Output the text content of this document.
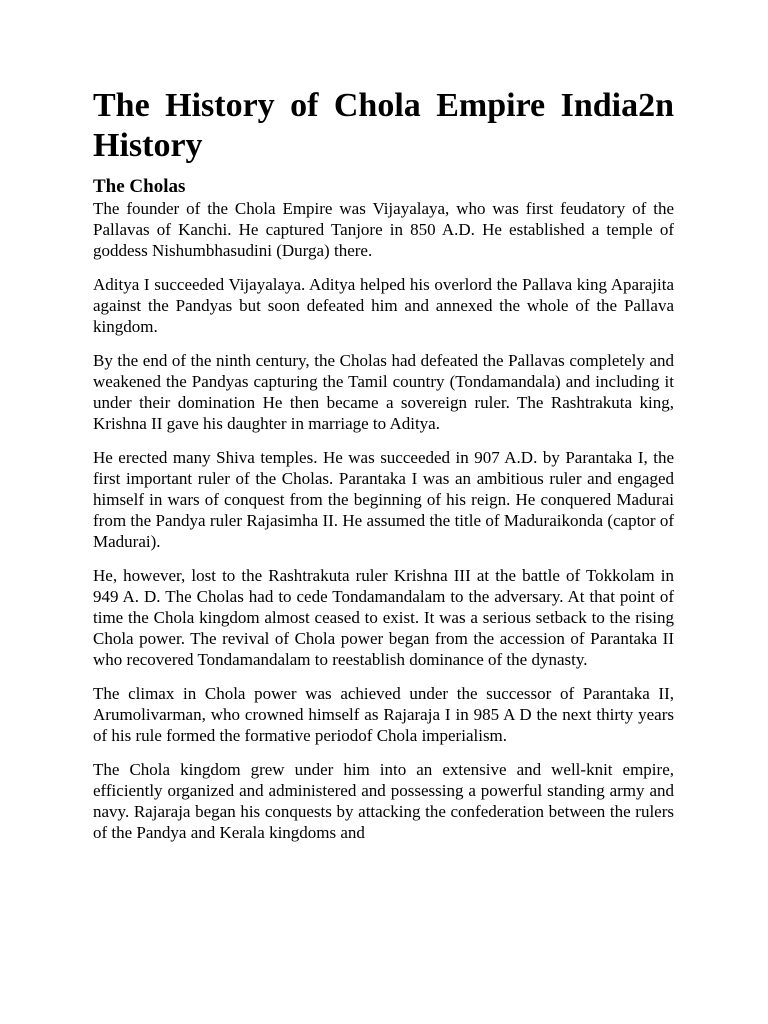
The History of Chola Empire India2n History
The Cholas

The founder of the Chola Empire was Vijayalaya, who was first feudatory of the Pallavas of Kanchi. He captured Tanjore in 850 A.D. He established a temple of goddess Nishumbhasudini (Durga) there.

Aditya I succeeded Vijayalaya. Aditya helped his overlord the Pallava king Aparajita against the Pandyas but soon defeated him and annexed the whole of the Pallava kingdom.

By the end of the ninth century, the Cholas had defeated the Pallavas completely and weakened the Pandyas capturing the Tamil country (Tondamandala) and including it under their domination He then became a sovereign ruler. The Rashtrakuta king, Krishna II gave his daughter in marriage to Aditya.

He erected many Shiva temples. He was succeeded in 907 A.D. by Parantaka I, the first important ruler of the Cholas. Parantaka I was an ambitious ruler and engaged himself in wars of conquest from the beginning of his reign. He conquered Madurai from the Pandya ruler Rajasimha II. He assumed the title of Maduraikonda (captor of Madurai).

He, however, lost to the Rashtrakuta ruler Krishna III at the battle of Tokkolam in 949 A. D. The Cholas had to cede Tondamandalam to the adversary. At that point of time the Chola kingdom almost ceased to exist. It was a serious setback to the rising Chola power. The revival of Chola power began from the accession of Parantaka II who recovered Tondamandalam to reestablish dominance of the dynasty.

The climax in Chola power was achieved under the successor of Parantaka II, Arumolivarman, who crowned himself as Rajaraja I in 985 A D the next thirty years of his rule formed the formative periodof Chola imperialism.

The Chola kingdom grew under him into an extensive and well-knit empire, efficiently organized and administered and possessing a powerful standing army and navy. Rajaraja began his conquests by attacking the confederation between the rulers of the Pandya and Kerala kingdoms and
